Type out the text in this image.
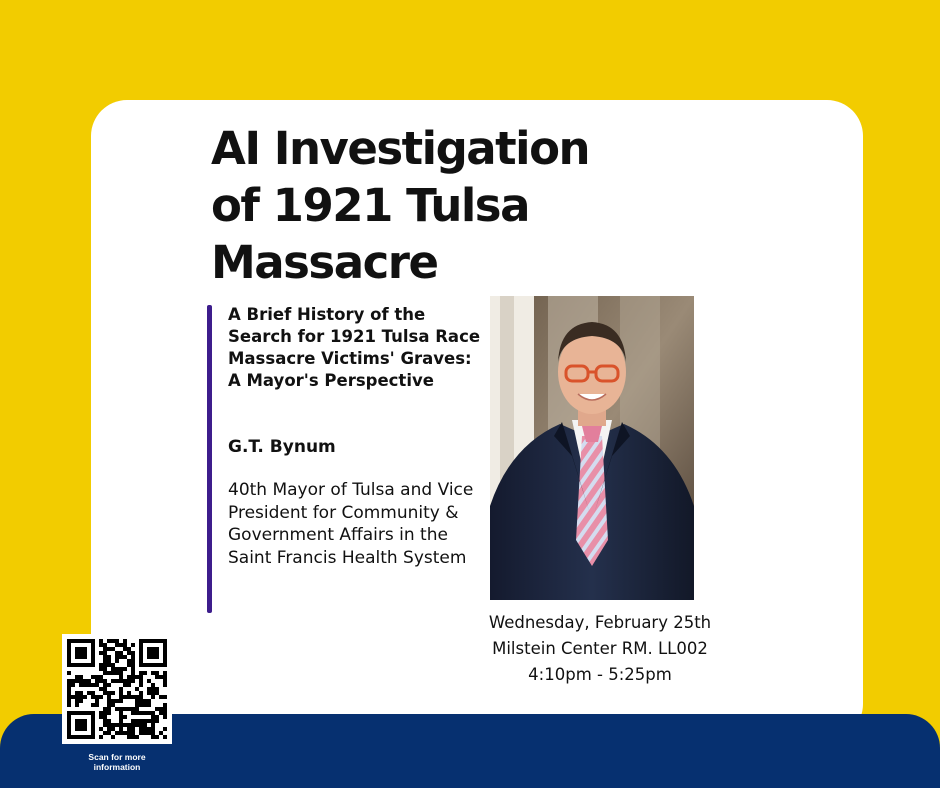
AI Investigation of 1921 Tulsa Massacre

A Brief History of the Search for 1921 Tulsa Race Massacre Victims' Graves: A Mayor's Perspective

G.T. Bynum

40th Mayor of Tulsa and Vice President for Community & Government Affairs in the Saint Francis Health System

Wednesday, February 25th
Milstein Center RM. LL002
4:10pm - 5:25pm
Scan for more information
